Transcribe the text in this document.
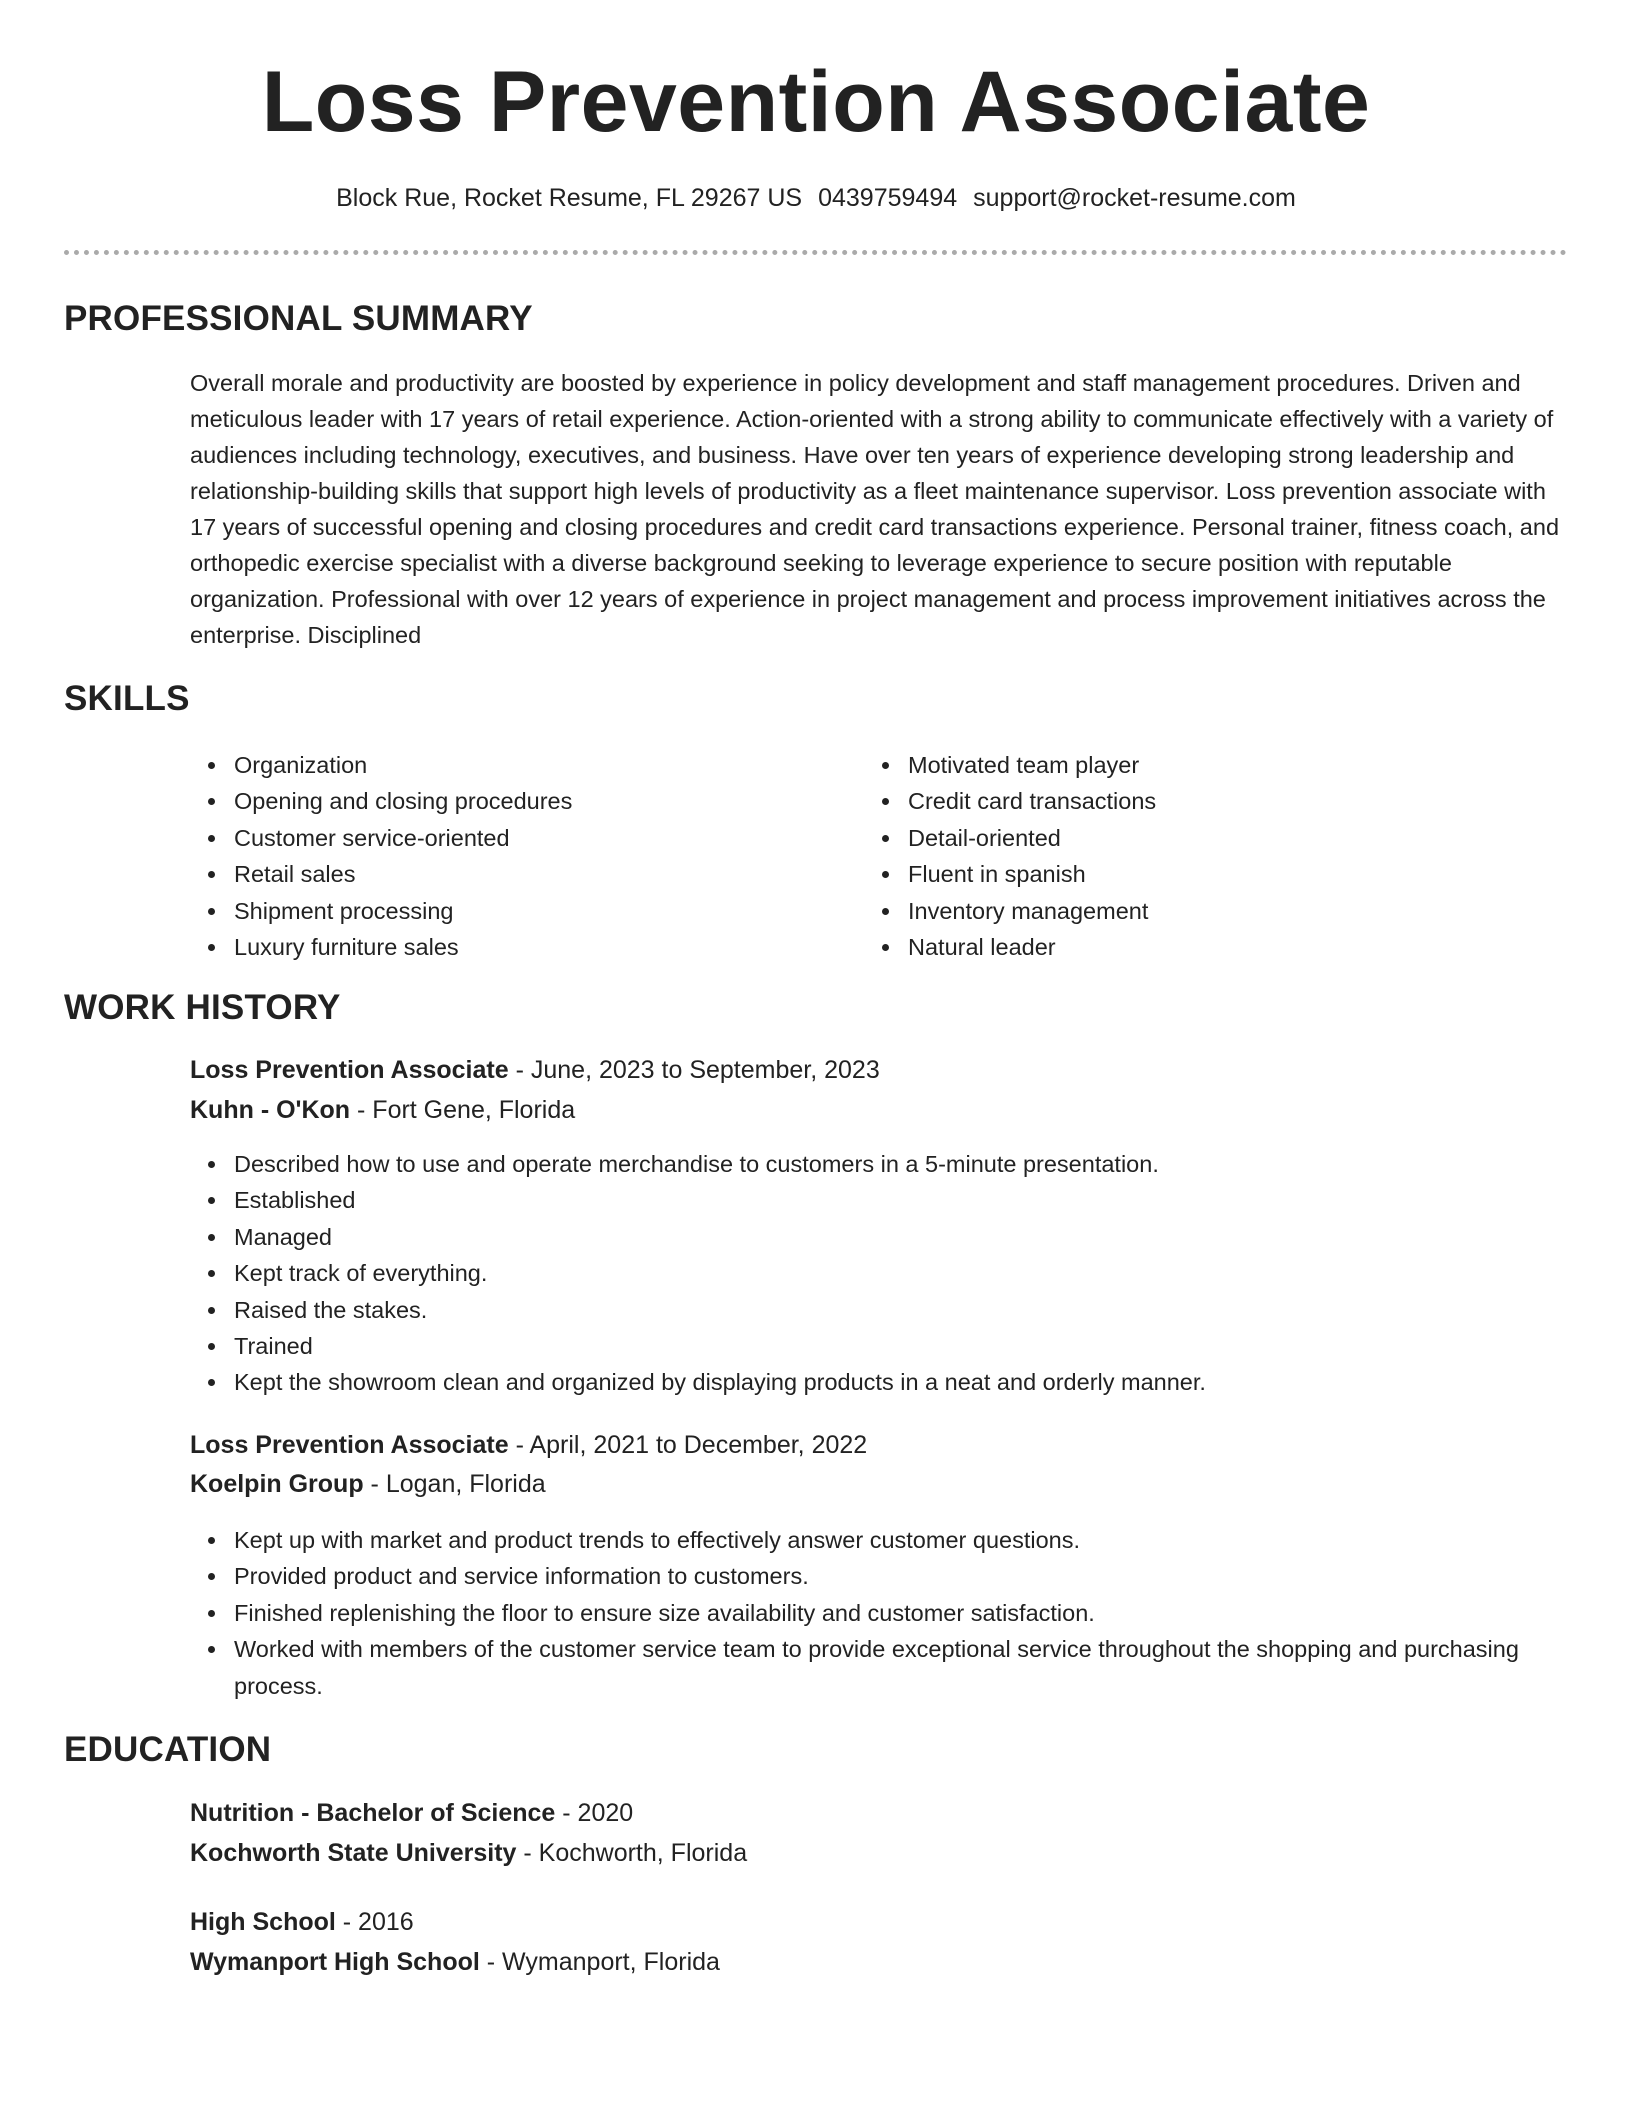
Loss Prevention Associate
Block Rue, Rocket Resume, FL 29267 US 0439759494 support@rocket-resume.com
PROFESSIONAL SUMMARY
Overall morale and productivity are boosted by experience in policy development and staff management procedures. Driven and meticulous leader with 17 years of retail experience. Action-oriented with a strong ability to communicate effectively with a variety of audiences including technology, executives, and business. Have over ten years of experience developing strong leadership and relationship-building skills that support high levels of productivity as a fleet maintenance supervisor. Loss prevention associate with 17 years of successful opening and closing procedures and credit card transactions experience. Personal trainer, fitness coach, and orthopedic exercise specialist with a diverse background seeking to leverage experience to secure position with reputable organization. Professional with over 12 years of experience in project management and process improvement initiatives across the enterprise. Disciplined
SKILLS
Organization
Opening and closing procedures
Customer service-oriented
Retail sales
Shipment processing
Luxury furniture sales
Motivated team player
Credit card transactions
Detail-oriented
Fluent in spanish
Inventory management
Natural leader
WORK HISTORY
Loss Prevention Associate - June, 2023 to September, 2023
Kuhn - O'Kon - Fort Gene, Florida
Described how to use and operate merchandise to customers in a 5-minute presentation.
Established
Managed
Kept track of everything.
Raised the stakes.
Trained
Kept the showroom clean and organized by displaying products in a neat and orderly manner.
Loss Prevention Associate - April, 2021 to December, 2022
Koelpin Group - Logan, Florida
Kept up with market and product trends to effectively answer customer questions.
Provided product and service information to customers.
Finished replenishing the floor to ensure size availability and customer satisfaction.
Worked with members of the customer service team to provide exceptional service throughout the shopping and purchasing process.
EDUCATION
Nutrition - Bachelor of Science - 2020
Kochworth State University - Kochworth, Florida
High School - 2016
Wymanport High School - Wymanport, Florida
